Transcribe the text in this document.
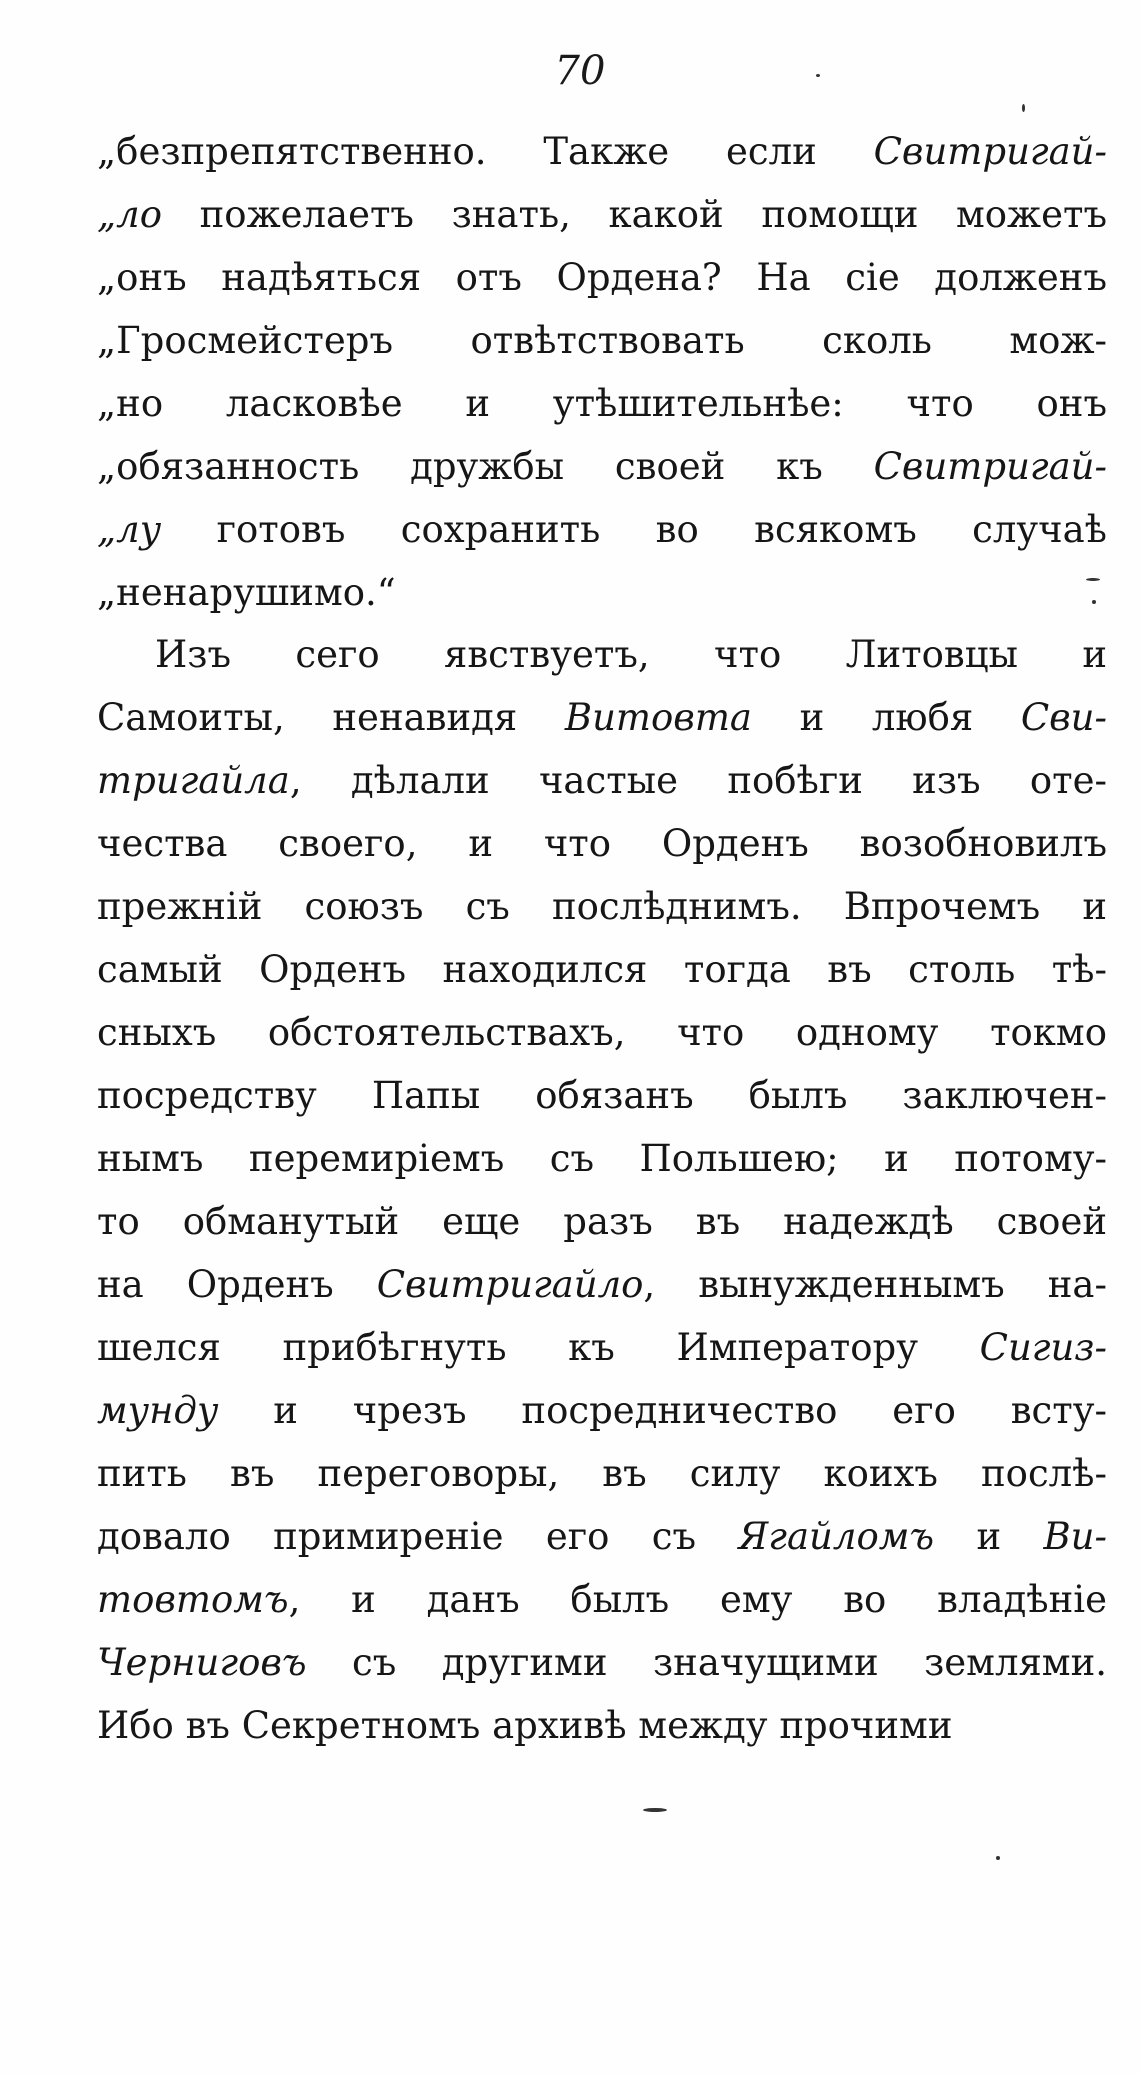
70
„безпрепятственно. Также если Свитригай-
„ло пожелаетъ знать, какой помощи можетъ
„онъ надѣяться отъ Ордена? На сіе долженъ
„Гросмейстеръ отвѣтствовать сколь мож-
„но ласковѣе и утѣшительнѣе: что онъ
„обязанность дружбы своей къ Свитригай-
„лу готовъ сохранить во всякомъ случаѣ
„ненарушимо.“
Изъ сего явствуетъ, что Литовцы и
Самоиты, ненавидя Витовта и любя Сви-
тригайла, дѣлали частые побѣги изъ оте-
чества своего, и что Орденъ возобновилъ
прежній союзъ съ послѣднимъ. Впрочемъ и
самый Орденъ находился тогда въ столь тѣ-
сныхъ обстоятельствахъ, что одному токмо
посредству Папы обязанъ былъ заключен-
нымъ перемиріемъ съ Польшею; и потому-
то обманутый еще разъ въ надеждѣ своей
на Орденъ Свитригайло, вынужденнымъ на-
шелся прибѣгнуть къ Императору Сигиз-
мунду и чрезъ посредничество его всту-
пить въ переговоры, въ силу коихъ послѣ-
довало примиреніе его съ Ягайломъ и Ви-
товтомъ, и данъ былъ ему во владѣніе
Черниговъ съ другими значущими землями.
Ибо въ Секретномъ архивѣ между прочими
